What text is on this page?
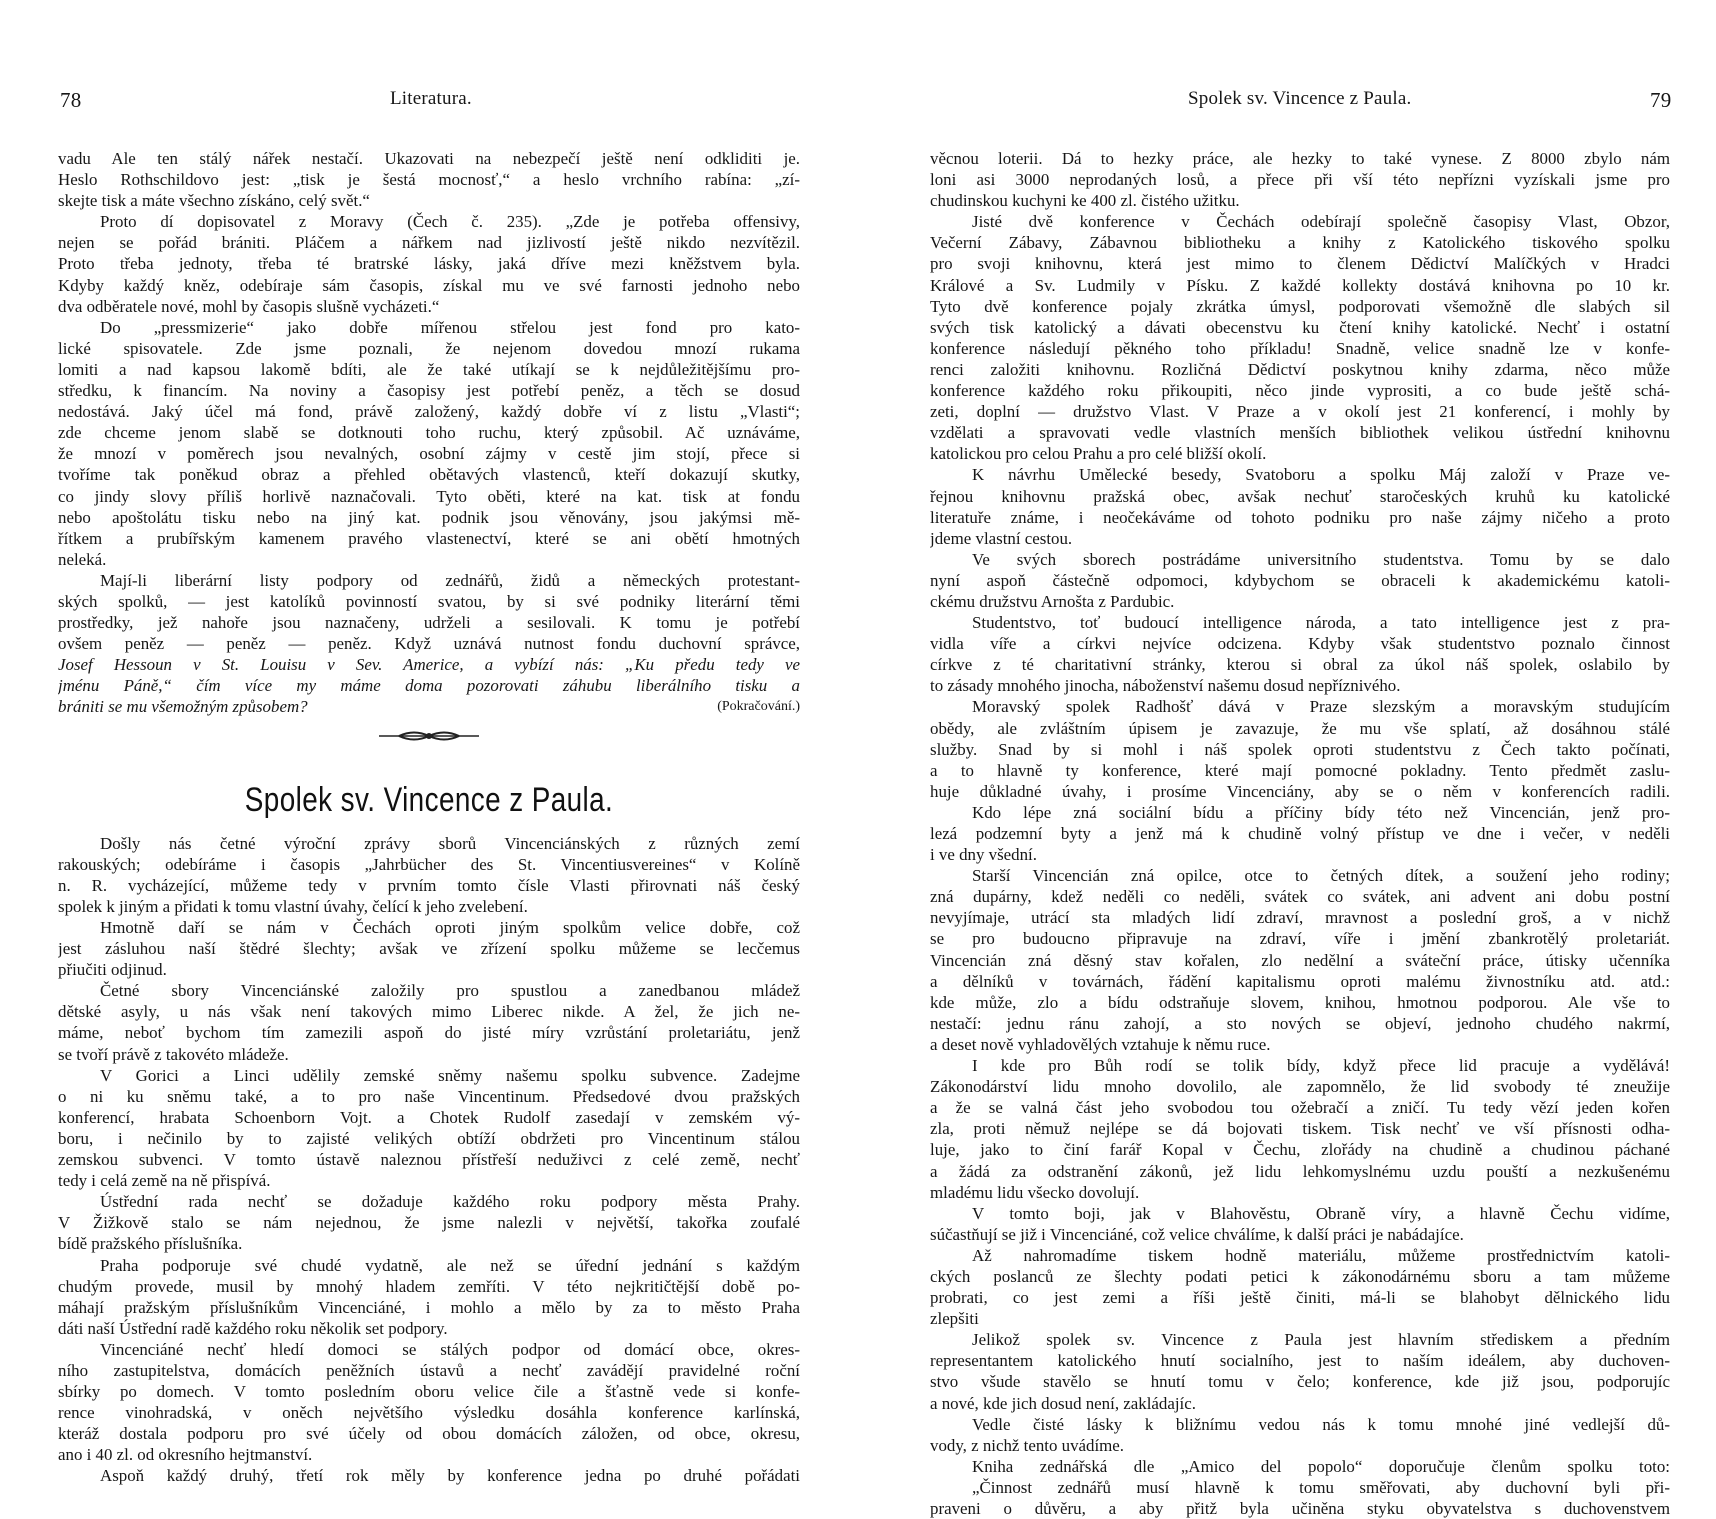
78	Literatura.
vadu Ale ten stálý nářek nestačí. Ukazovati na nebezpečí ještě není odkliditi je.
Heslo Rothschildovo jest: „tisk je šestá mocnosť,“ a heslo vrchního rabína: „zí-
skejte tisk a máte všechno získáno, celý svět.“
Proto dí dopisovatel z Moravy (Čech č. 235). „Zde je potřeba offensivy,
nejen se pořád brániti. Pláčem a nářkem nad jizlivostí ještě nikdo nezvítězil.
Proto třeba jednoty, třeba té bratrské lásky, jaká dříve mezi kněžstvem byla.
Kdyby každý kněz, odebíraje sám časopis, získal mu ve své farnosti jednoho nebo
dva odběratele nové, mohl by časopis slušně vycházeti.“
Do „pressmizerie“ jako dobře mířenou střelou jest fond pro kato-
lické spisovatele. Zde jsme poznali, že nejenom dovedou mnozí rukama
lomiti a nad kapsou lakomě bdíti, ale že také utíkají se k nejdůležitějšímu pro-
středku, k financím. Na noviny a časopisy jest potřebí peněz, a těch se dosud
nedostává. Jaký účel má fond, právě založený, každý dobře ví z listu „Vlasti“;
zde chceme jenom slabě se dotknouti toho ruchu, který způsobil. Ač uznáváme,
že mnozí v poměrech jsou nevalných, osobní zájmy v cestě jim stojí, přece si
tvoříme tak poněkud obraz a přehled obětavých vlastenců, kteří dokazují skutky,
co jindy slovy příliš horlivě naznačovali. Tyto oběti, které na kat. tisk at fondu
nebo apoštolátu tisku nebo na jiný kat. podnik jsou věnovány, jsou jakýmsi mě-
řítkem a prubířským kamenem pravého vlastenectví, které se ani obětí hmotných
neleká.
Mají-li liberární listy podpory od zednářů, židů a německých protestant-
ských spolků, — jest katolíků povinností svatou, by si své podniky literární těmi
prostředky, jež nahoře jsou naznačeny, udrželi a sesilovali. K tomu je potřebí
ovšem peněz — peněz — peněz. Když uznává nutnost fondu duchovní správce,
Josef Hessoun v St. Louisu v Sev. Americe, a vybízí nás: „Ku předu tedy ve
jménu Páně,“ čím více my máme doma pozorovati záhubu liberálního tisku a
brániti se mu všemožným způsobem?	(Pokračování.)
Spolek sv. Vincence z Paula.
Došly nás četné výroční zprávy sborů Vincenciánských z různých zemí
rakouských; odebíráme i časopis „Jahrbücher des St. Vincentiusvereines“ v Kolíně
n. R. vycházející, můžeme tedy v prvním tomto čísle Vlasti přirovnati náš český
spolek k jiným a přidati k tomu vlastní úvahy, čelící k jeho zvelebení.
Hmotně daří se nám v Čechách oproti jiným spolkům velice dobře, což
jest zásluhou naší štědré šlechty; avšak ve zřízení spolku můžeme se lecčemus
přiučiti odjinud.
Četné sbory Vincenciánské založily pro spustlou a zanedbanou mládež
dětské asyly, u nás však není takových mimo Liberec nikde. A žel, že jich ne-
máme, neboť bychom tím zamezili aspoň do jisté míry vzrůstání proletariátu, jenž
se tvoří právě z takovéto mládeže.
V Gorici a Linci udělily zemské sněmy našemu spolku subvence. Zadejme
o ni ku sněmu také, a to pro naše Vincentinum. Předsedové dvou pražských
konferencí, hrabata Schoenborn Vojt. a Chotek Rudolf zasedají v zemském vý-
boru, i nečinilo by to zajisté velikých obtíží obdržeti pro Vincentinum stálou
zemskou subvenci. V tomto ústavě naleznou přístřeší neduživci z celé země, nechť
tedy i celá země na ně přispívá.
Ústřední rada nechť se dožaduje každého roku podpory města Prahy.
V Žižkově stalo se nám nejednou, že jsme nalezli v největší, takořka zoufalé
bídě pražského příslušníka.
Praha podporuje své chudé vydatně, ale než se úřední jednání s každým
chudým provede, musil by mnohý hladem zemříti. V této nejkritičtější době po-
máhají pražským příslušníkům Vincenciáné, i mohlo a mělo by za to město Praha
dáti naší Ústřední radě každého roku několik set podpory.
Vincenciáné nechť hledí domoci se stálých podpor od domácí obce, okres-
ního zastupitelstva, domácích peněžních ústavů a nechť zavádějí pravidelné roční
sbírky po domech. V tomto posledním oboru velice čile a šťastně vede si konfe-
rence vinohradská, v oněch největšího výsledku dosáhla konference karlínská,
kteráž dostala podporu pro své účely od obou domácích záložen, od obce, okresu,
ano i 40 zl. od okresního hejtmanství.
Aspoň každý druhý, třetí rok měly by konference jedna po druhé pořádati
Spolek sv. Vincence z Paula.	79
věcnou loterii. Dá to hezky práce, ale hezky to také vynese. Z 8000 zbylo nám
loni asi 3000 neprodaných losů, a přece při vší této nepřízni vyzískali jsme pro
chudinskou kuchyni ke 400 zl. čistého užitku.
Jisté dvě konference v Čechách odebírají společně časopisy Vlast, Obzor,
Večerní Zábavy, Zábavnou bibliotheku a knihy z Katolického tiskového spolku
pro svoji knihovnu, která jest mimo to členem Dědictví Malíčkých v Hradci
Králové a Sv. Ludmily v Písku. Z každé kollekty dostává knihovna po 10 kr.
Tyto dvě konference pojaly zkrátka úmysl, podporovati všemožně dle slabých sil
svých tisk katolický a dávati obecenstvu ku čtení knihy katolické. Nechť i ostatní
konference následují pěkného toho příkladu! Snadně, velice snadně lze v konfe-
renci založiti knihovnu. Rozličná Dědictví poskytnou knihy zdarma, něco může
konference každého roku přikoupiti, něco jinde vyprositi, a co bude ještě schá-
zeti, doplní — družstvo Vlast. V Praze a v okolí jest 21 konferencí, i mohly by
vzdělati a spravovati vedle vlastních menších bibliothek velikou ústřední knihovnu
katolickou pro celou Prahu a pro celé bližší okolí.
K návrhu Umělecké besedy, Svatoboru a spolku Máj založí v Praze ve-
řejnou knihovnu pražská obec, avšak nechuť staročeských kruhů ku katolické
literatuře známe, i neočekáváme od tohoto podniku pro naše zájmy ničeho a proto
jdeme vlastní cestou.
Ve svých sborech postrádáme universitního studentstva. Tomu by se dalo
nyní aspoň částečně odpomoci, kdybychom se obraceli k akademickému katoli-
ckému družstvu Arnošta z Pardubic.
Studentstvo, toť budoucí intelligence národa, a tato intelligence jest z pra-
vidla víře a církvi nejvíce odcizena. Kdyby však studentstvo poznalo činnost
církve z té charitativní stránky, kterou si obral za úkol náš spolek, oslabilo by
to zásady mnohého jinocha, náboženství našemu dosud nepříznivého.
Moravský spolek Radhošť dává v Praze slezským a moravským studujícím
obědy, ale zvláštním úpisem je zavazuje, že mu vše splatí, až dosáhnou stálé
služby. Snad by si mohl i náš spolek oproti studentstvu z Čech takto počínati,
a to hlavně ty konference, které mají pomocné pokladny. Tento předmět zaslu-
huje důkladné úvahy, i prosíme Vincenciány, aby se o něm v konferencích radili.
Kdo lépe zná sociální bídu a příčiny bídy této než Vincencián, jenž pro-
lezá podzemní byty a jenž má k chudině volný přístup ve dne i večer, v neděli
i ve dny všední.
Starší Vincencián zná opilce, otce to četných dítek, a soužení jeho rodiny;
zná dupárny, kdež neděli co neděli, svátek co svátek, ani advent ani dobu postní
nevyjímaje, utrácí sta mladých lidí zdraví, mravnost a poslední groš, a v nichž
se pro budoucno připravuje na zdraví, víře i jmění zbankrotělý proletariát.
Vincencián zná děsný stav kořalen, zlo nedělní a sváteční práce, útisky učenníka
a dělníků v továrnách, řádění kapitalismu oproti malému živnostníku atd. atd.:
kde může, zlo a bídu odstraňuje slovem, knihou, hmotnou podporou. Ale vše to
nestačí: jednu ránu zahojí, a sto nových se objeví, jednoho chudého nakrmí,
a deset nově vyhladovělých vztahuje k němu ruce.
I kde pro Bůh rodí se tolik bídy, když přece lid pracuje a vydělává!
Zákonodárství lidu mnoho dovolilo, ale zapomnělo, že lid svobody té zneužije
a že se valná část jeho svobodou tou ožebračí a zničí. Tu tedy vězí jeden kořen
zla, proti němuž nejlépe se dá bojovati tiskem. Tisk nechť ve vší přísnosti odha-
luje, jako to činí farář Kopal v Čechu, zlořády na chudině a chudinou páchané
a žádá za odstranění zákonů, jež lidu lehkomyslnému uzdu pouští a nezkušenému
mladému lidu všecko dovolují.
V tomto boji, jak v Blahověstu, Obraně víry, a hlavně Čechu vidíme,
súčastňují se již i Vincenciáné, což velice chválíme, k další práci je nabádajíce.
Až nahromadíme tiskem hodně materiálu, můžeme prostřednictvím katoli-
ckých poslanců ze šlechty podati petici k zákonodárnému sboru a tam můžeme
probrati, co jest zemi a říši ještě činiti, má-li se blahobyt dělnického lidu
zlepšiti
Jelikož spolek sv. Vincence z Paula jest hlavním střediskem a předním
representantem katolického hnutí socialního, jest to naším ideálem, aby duchoven-
stvo všude stavělo se hnutí tomu v čelo; konference, kde již jsou, podporujíc
a nové, kde jich dosud není, zakládajíc.
Vedle čisté lásky k bližnímu vedou nás k tomu mnohé jiné vedlejší dů-
vody, z nichž tento uvádíme.
Kniha zednářská dle „Amico del popolo“ doporučuje členům spolku toto:
„Činnost zednářů musí hlavně k tomu směřovati, aby duchovní byli při-
praveni o důvěru, a aby přitž byla učiněna styku obyvatelstva s duchovenstvem
